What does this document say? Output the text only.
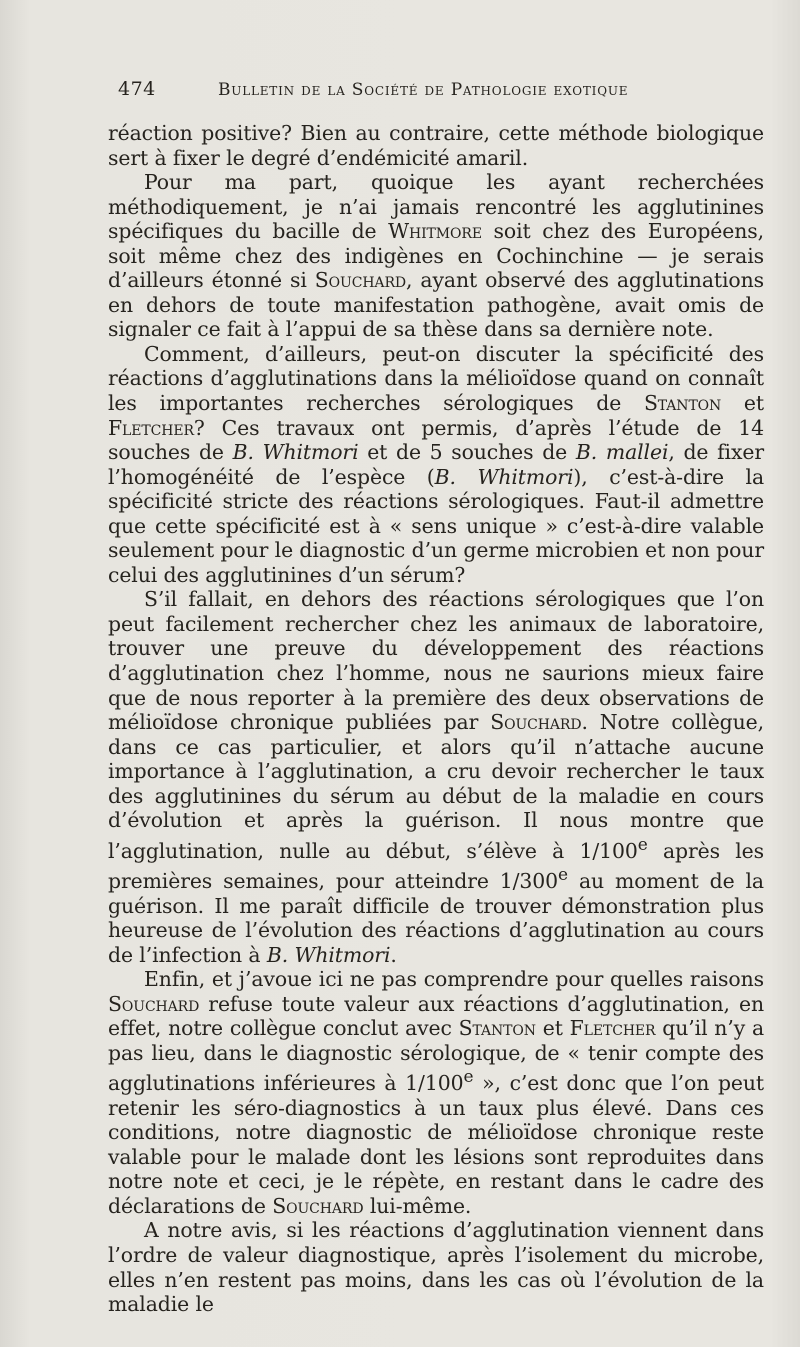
474	Bulletin de la Société de Pathologie exotique

réaction positive? Bien au contraire, cette méthode biologique sert à fixer le degré d’endémicité amaril.

Pour ma part, quoique les ayant recherchées méthodiquement, je n’ai jamais rencontré les agglutinines spécifiques du bacille de Whitmore soit chez des Européens, soit même chez des indigènes en Cochinchine — je serais d’ailleurs étonné si Souchard, ayant observé des agglutinations en dehors de toute manifestation pathogène, avait omis de signaler ce fait à l’appui de sa thèse dans sa dernière note.

Comment, d’ailleurs, peut-on discuter la spécificité des réactions d’agglutinations dans la mélioïdose quand on connaît les importantes recherches sérologiques de Stanton et Fletcher? Ces travaux ont permis, d’après l’étude de 14 souches de B. Whitmori et de 5 souches de B. mallei, de fixer l’homogénéité de l’espèce (B. Whitmori), c’est-à-dire la spécificité stricte des réactions sérologiques. Faut-il admettre que cette spécificité est à « sens unique » c’est-à-dire valable seulement pour le diagnostic d’un germe microbien et non pour celui des agglutinines d’un sérum?

S’il fallait, en dehors des réactions sérologiques que l’on peut facilement rechercher chez les animaux de laboratoire, trouver une preuve du développement des réactions d’agglutination chez l’homme, nous ne saurions mieux faire que de nous reporter à la première des deux observations de mélioïdose chronique publiées par Souchard. Notre collègue, dans ce cas particulier, et alors qu’il n’attache aucune importance à l’agglutination, a cru devoir rechercher le taux des agglutinines du sérum au début de la maladie en cours d’évolution et après la guérison. Il nous montre que l’agglutination, nulle au début, s’élève à 1/100e après les premières semaines, pour atteindre 1/300e au moment de la guérison. Il me paraît difficile de trouver démonstration plus heureuse de l’évolution des réactions d’agglutination au cours de l’infection à B. Whitmori.

Enfin, et j’avoue ici ne pas comprendre pour quelles raisons Souchard refuse toute valeur aux réactions d’agglutination, en effet, notre collègue conclut avec Stanton et Fletcher qu’il n’y a pas lieu, dans le diagnostic sérologique, de « tenir compte des agglutinations inférieures à 1/100e », c’est donc que l’on peut retenir les séro-diagnostics à un taux plus élevé. Dans ces conditions, notre diagnostic de mélioïdose chronique reste valable pour le malade dont les lésions sont reproduites dans notre note et ceci, je le répète, en restant dans le cadre des déclarations de Souchard lui-même.

A notre avis, si les réactions d’agglutination viennent dans l’ordre de valeur diagnostique, après l’isolement du microbe, elles n’en restent pas moins, dans les cas où l’évolution de la maladie le
